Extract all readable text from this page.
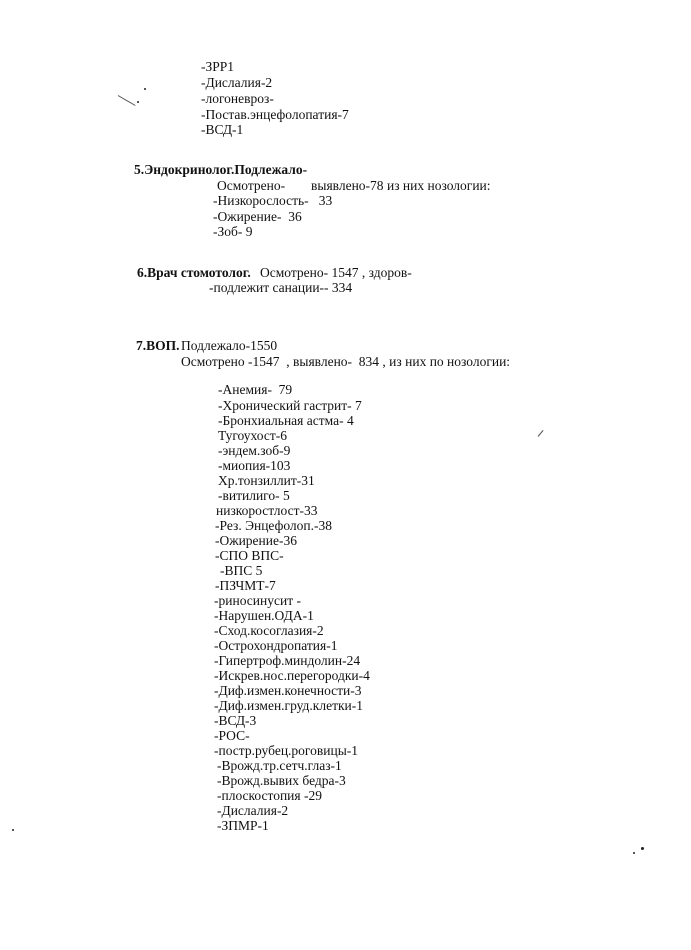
-ЗРР1
-Дислалия-2
-логоневроз-
-Постав.энцефолопатия-7
-ВСД-1
5.Эндокринолог.Подлежало-
Осмотрено- выявлено-78 из них нозологии:
-Низкорослость-   33
-Ожирение-  36
-Зоб- 9
6.Врач стомотолог. Осмотрено- 1547 , здоров-
-подлежит санации-- 334
7.ВОП. Подлежало-1550
Осмотрено -1547  , выявлено-  834 , из них по нозологии:
-Анемия-  79
-Хронический гастрит- 7
-Бронхиальная астма- 4
Тугоухост-6
-эндем.зоб-9
-миопия-103
Хр.тонзиллит-31
-витилиго- 5
низкоростлост-33
-Рез. Энцефолоп.-38
-Ожирение-36
-СПО ВПС-
-ВПС 5
-ПЗЧМТ-7
-риносинусит -
-Нарушен.ОДА-1
-Сход.косоглазия-2
-Острохондропатия-1
-Гипертроф.миндолин-24
-Искрев.нос.перегородки-4
-Диф.измен.конечности-3
-Диф.измен.груд.клетки-1
-ВСД-3
-РОС-
-постр.рубец.роговицы-1
-Врожд.тр.сетч.глаз-1
-Врожд.вывих бедра-3
-плоскостопия -29
-Дислалия-2
-ЗПМР-1
